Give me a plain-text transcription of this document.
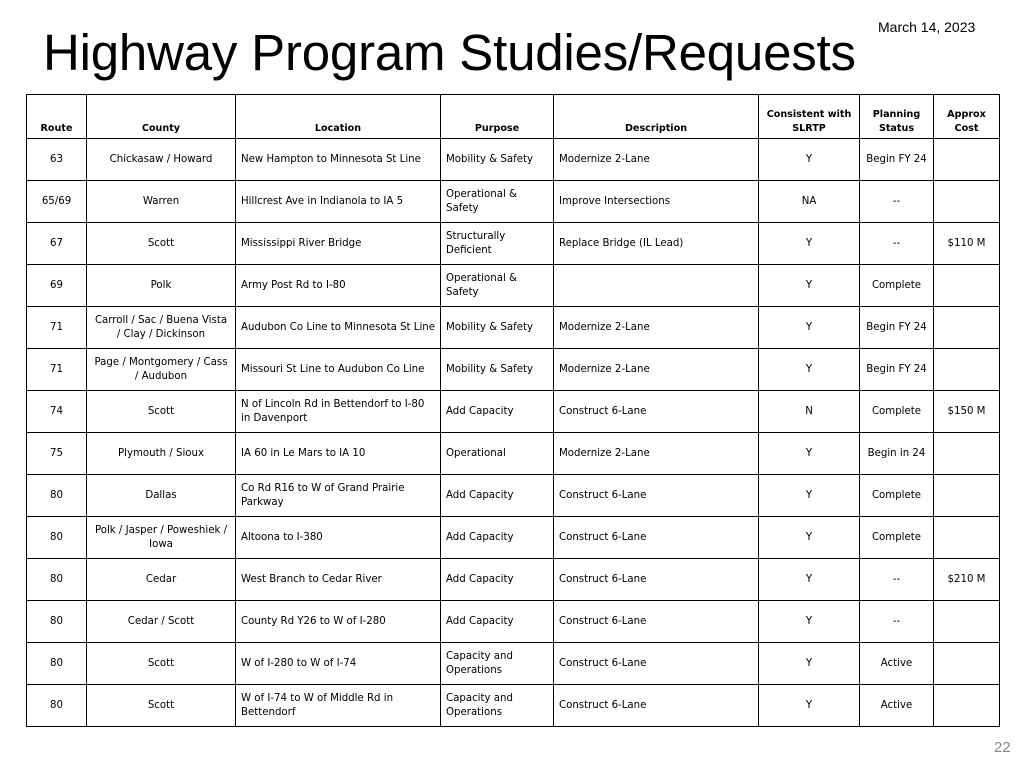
March 14, 2023
Highway Program Studies/Requests
Route	County	Location	Purpose	Description	Consistent with SLRTP	Planning Status	Approx Cost
63	Chickasaw / Howard	New Hampton to Minnesota St Line	Mobility & Safety	Modernize 2-Lane	Y	Begin FY 24	
65/69	Warren	Hillcrest Ave in Indianola to IA 5	Operational & Safety	Improve Intersections	NA	--	
67	Scott	Mississippi River Bridge	Structurally Deficient	Replace Bridge (IL Lead)	Y	--	$110 M
69	Polk	Army Post Rd to I-80	Operational & Safety		Y	Complete	
71	Carroll / Sac / Buena Vista / Clay / Dickinson	Audubon Co Line to Minnesota St Line	Mobility & Safety	Modernize 2-Lane	Y	Begin FY 24	
71	Page / Montgomery / Cass / Audubon	Missouri St Line to Audubon Co Line	Mobility & Safety	Modernize 2-Lane	Y	Begin FY 24	
74	Scott	N of Lincoln Rd in Bettendorf to I-80 in Davenport	Add Capacity	Construct 6-Lane	N	Complete	$150 M
75	Plymouth / Sioux	IA 60 in Le Mars to IA 10	Operational	Modernize 2-Lane	Y	Begin in 24	
80	Dallas	Co Rd R16 to W of Grand Prairie Parkway	Add Capacity	Construct 6-Lane	Y	Complete	
80	Polk / Jasper / Poweshiek / Iowa	Altoona to I-380	Add Capacity	Construct 6-Lane	Y	Complete	
80	Cedar	West Branch to Cedar River	Add Capacity	Construct 6-Lane	Y	--	$210 M
80	Cedar / Scott	County Rd Y26 to W of I-280	Add Capacity	Construct 6-Lane	Y	--	
80	Scott	W of I-280 to W of I-74	Capacity and Operations	Construct 6-Lane	Y	Active	
80	Scott	W of I-74 to W of Middle Rd in Bettendorf	Capacity and Operations	Construct 6-Lane	Y	Active	
22
